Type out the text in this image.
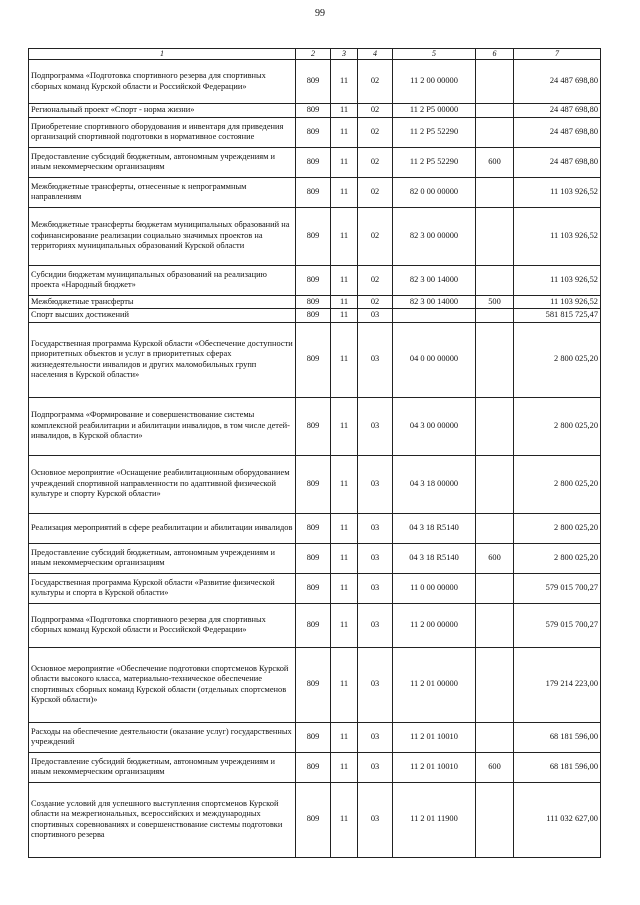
99
1	2	3	4	5	6	7
Подпрограмма «Подготовка спортивного резерва для спортивных сборных команд Курской области и Российской Федерации»	809	11	02	11 2 00 00000		24 487 698,80
Региональный проект «Спорт - норма жизни»	809	11	02	11 2 P5 00000		24 487 698,80
Приобретение спортивного оборудования и инвентаря для приведения организаций спортивной подготовки в нормативное состояние	809	11	02	11 2 P5 52290		24 487 698,80
Предоставление субсидий бюджетным, автономным учреждениям и иным некоммерческим организациям	809	11	02	11 2 P5 52290	600	24 487 698,80
Межбюджетные трансферты, отнесенные к непрограммным направлениям	809	11	02	82 0 00 00000		11 103 926,52
Межбюджетные трансферты бюджетам муниципальных образований на софинансирование реализации социально значимых проектов на территориях муниципальных образований Курской области	809	11	02	82 3 00 00000		11 103 926,52
Субсидии бюджетам муниципальных образований на реализацию проекта «Народный бюджет»	809	11	02	82 3 00 14000		11 103 926,52
Межбюджетные трансферты	809	11	02	82 3 00 14000	500	11 103 926,52
Спорт высших достижений	809	11	03			581 815 725,47
Государственная программа Курской области «Обеспечение доступности приоритетных объектов и услуг в приоритетных сферах жизнедеятельности инвалидов и других маломобильных групп населения в Курской области»	809	11	03	04 0 00 00000		2 800 025,20
Подпрограмма «Формирование и совершенствование системы комплексной реабилитации и абилитации инвалидов, в том числе детей-инвалидов, в Курской области»	809	11	03	04 3 00 00000		2 800 025,20
Основное мероприятие «Оснащение реабилитационным оборудованием учреждений спортивной направленности по адаптивной физической культуре и спорту Курской области»	809	11	03	04 3 18 00000		2 800 025,20
Реализация мероприятий в сфере реабилитации и абилитации инвалидов	809	11	03	04 3 18 R5140		2 800 025,20
Предоставление субсидий бюджетным, автономным учреждениям и иным некоммерческим организациям	809	11	03	04 3 18 R5140	600	2 800 025,20
Государственная программа Курской области «Развитие физической культуры и спорта в Курской области»	809	11	03	11 0 00 00000		579 015 700,27
Подпрограмма «Подготовка спортивного резерва для спортивных сборных команд Курской области и Российской Федерации»	809	11	03	11 2 00 00000		579 015 700,27
Основное мероприятие «Обеспечение подготовки спортсменов Курской области высокого класса, материально-техническое обеспечение спортивных сборных команд Курской области (отдельных спортсменов Курской области)»	809	11	03	11 2 01 00000		179 214 223,00
Расходы на обеспечение деятельности (оказание услуг) государственных учреждений	809	11	03	11 2 01 10010		68 181 596,00
Предоставление субсидий бюджетным, автономным учреждениям и иным некоммерческим организациям	809	11	03	11 2 01 10010	600	68 181 596,00
Создание условий для успешного выступления спортсменов Курской области на межрегиональных, всероссийских и международных спортивных соревнованиях и совершенствование системы подготовки спортивного резерва	809	11	03	11 2 01 11900		111 032 627,00
